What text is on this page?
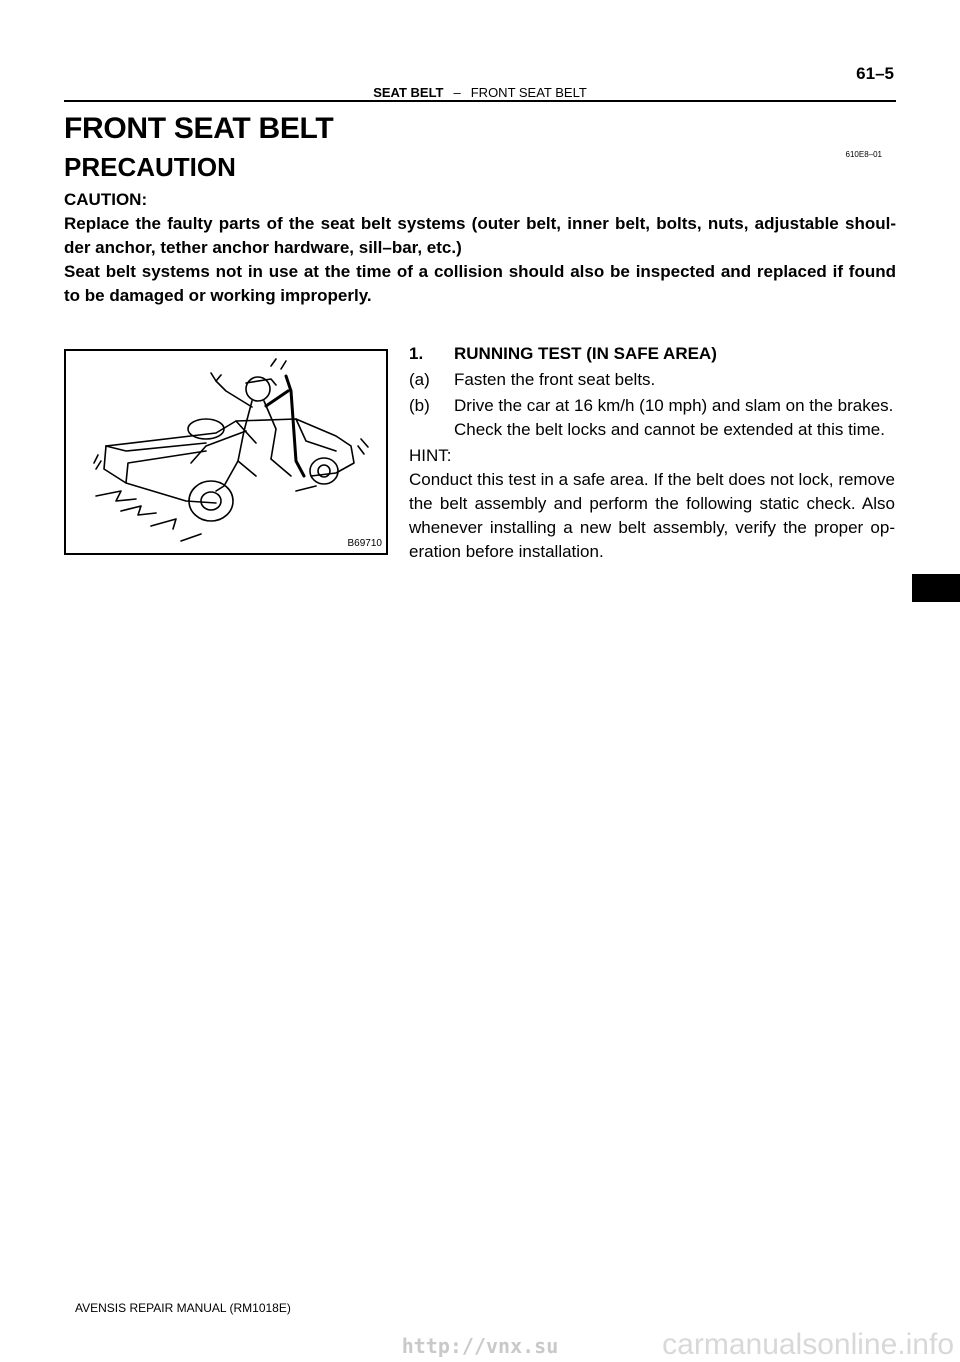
61–5
SEAT BELT – FRONT SEAT BELT
FRONT SEAT BELT
610E8–01
PRECAUTION

CAUTION:

Replace the faulty parts of the seat belt systems (outer belt, inner belt, bolts, nuts, adjustable shoul- der anchor, tether anchor hardware, sill–bar, etc.)

Seat belt systems not in use at the time of a collision should also be inspected and replaced if found to be damaged or working improperly.

B69710
1. RUNNING TEST (IN SAFE AREA)
(a)	Fasten the front seat belts.
(b)	Drive the car at 16 km/h (10 mph) and slam on the brakes. Check the belt locks and cannot be extended at this time.
HINT:
Conduct this test in a safe area. If the belt does not lock, remove the belt assembly and perform the following static check. Also whenever installing a new belt assembly, verify the proper op- eration before installation.
AVENSIS REPAIR MANUAL (RM1018E)
http://vnx.su	carmanualsonline.info
